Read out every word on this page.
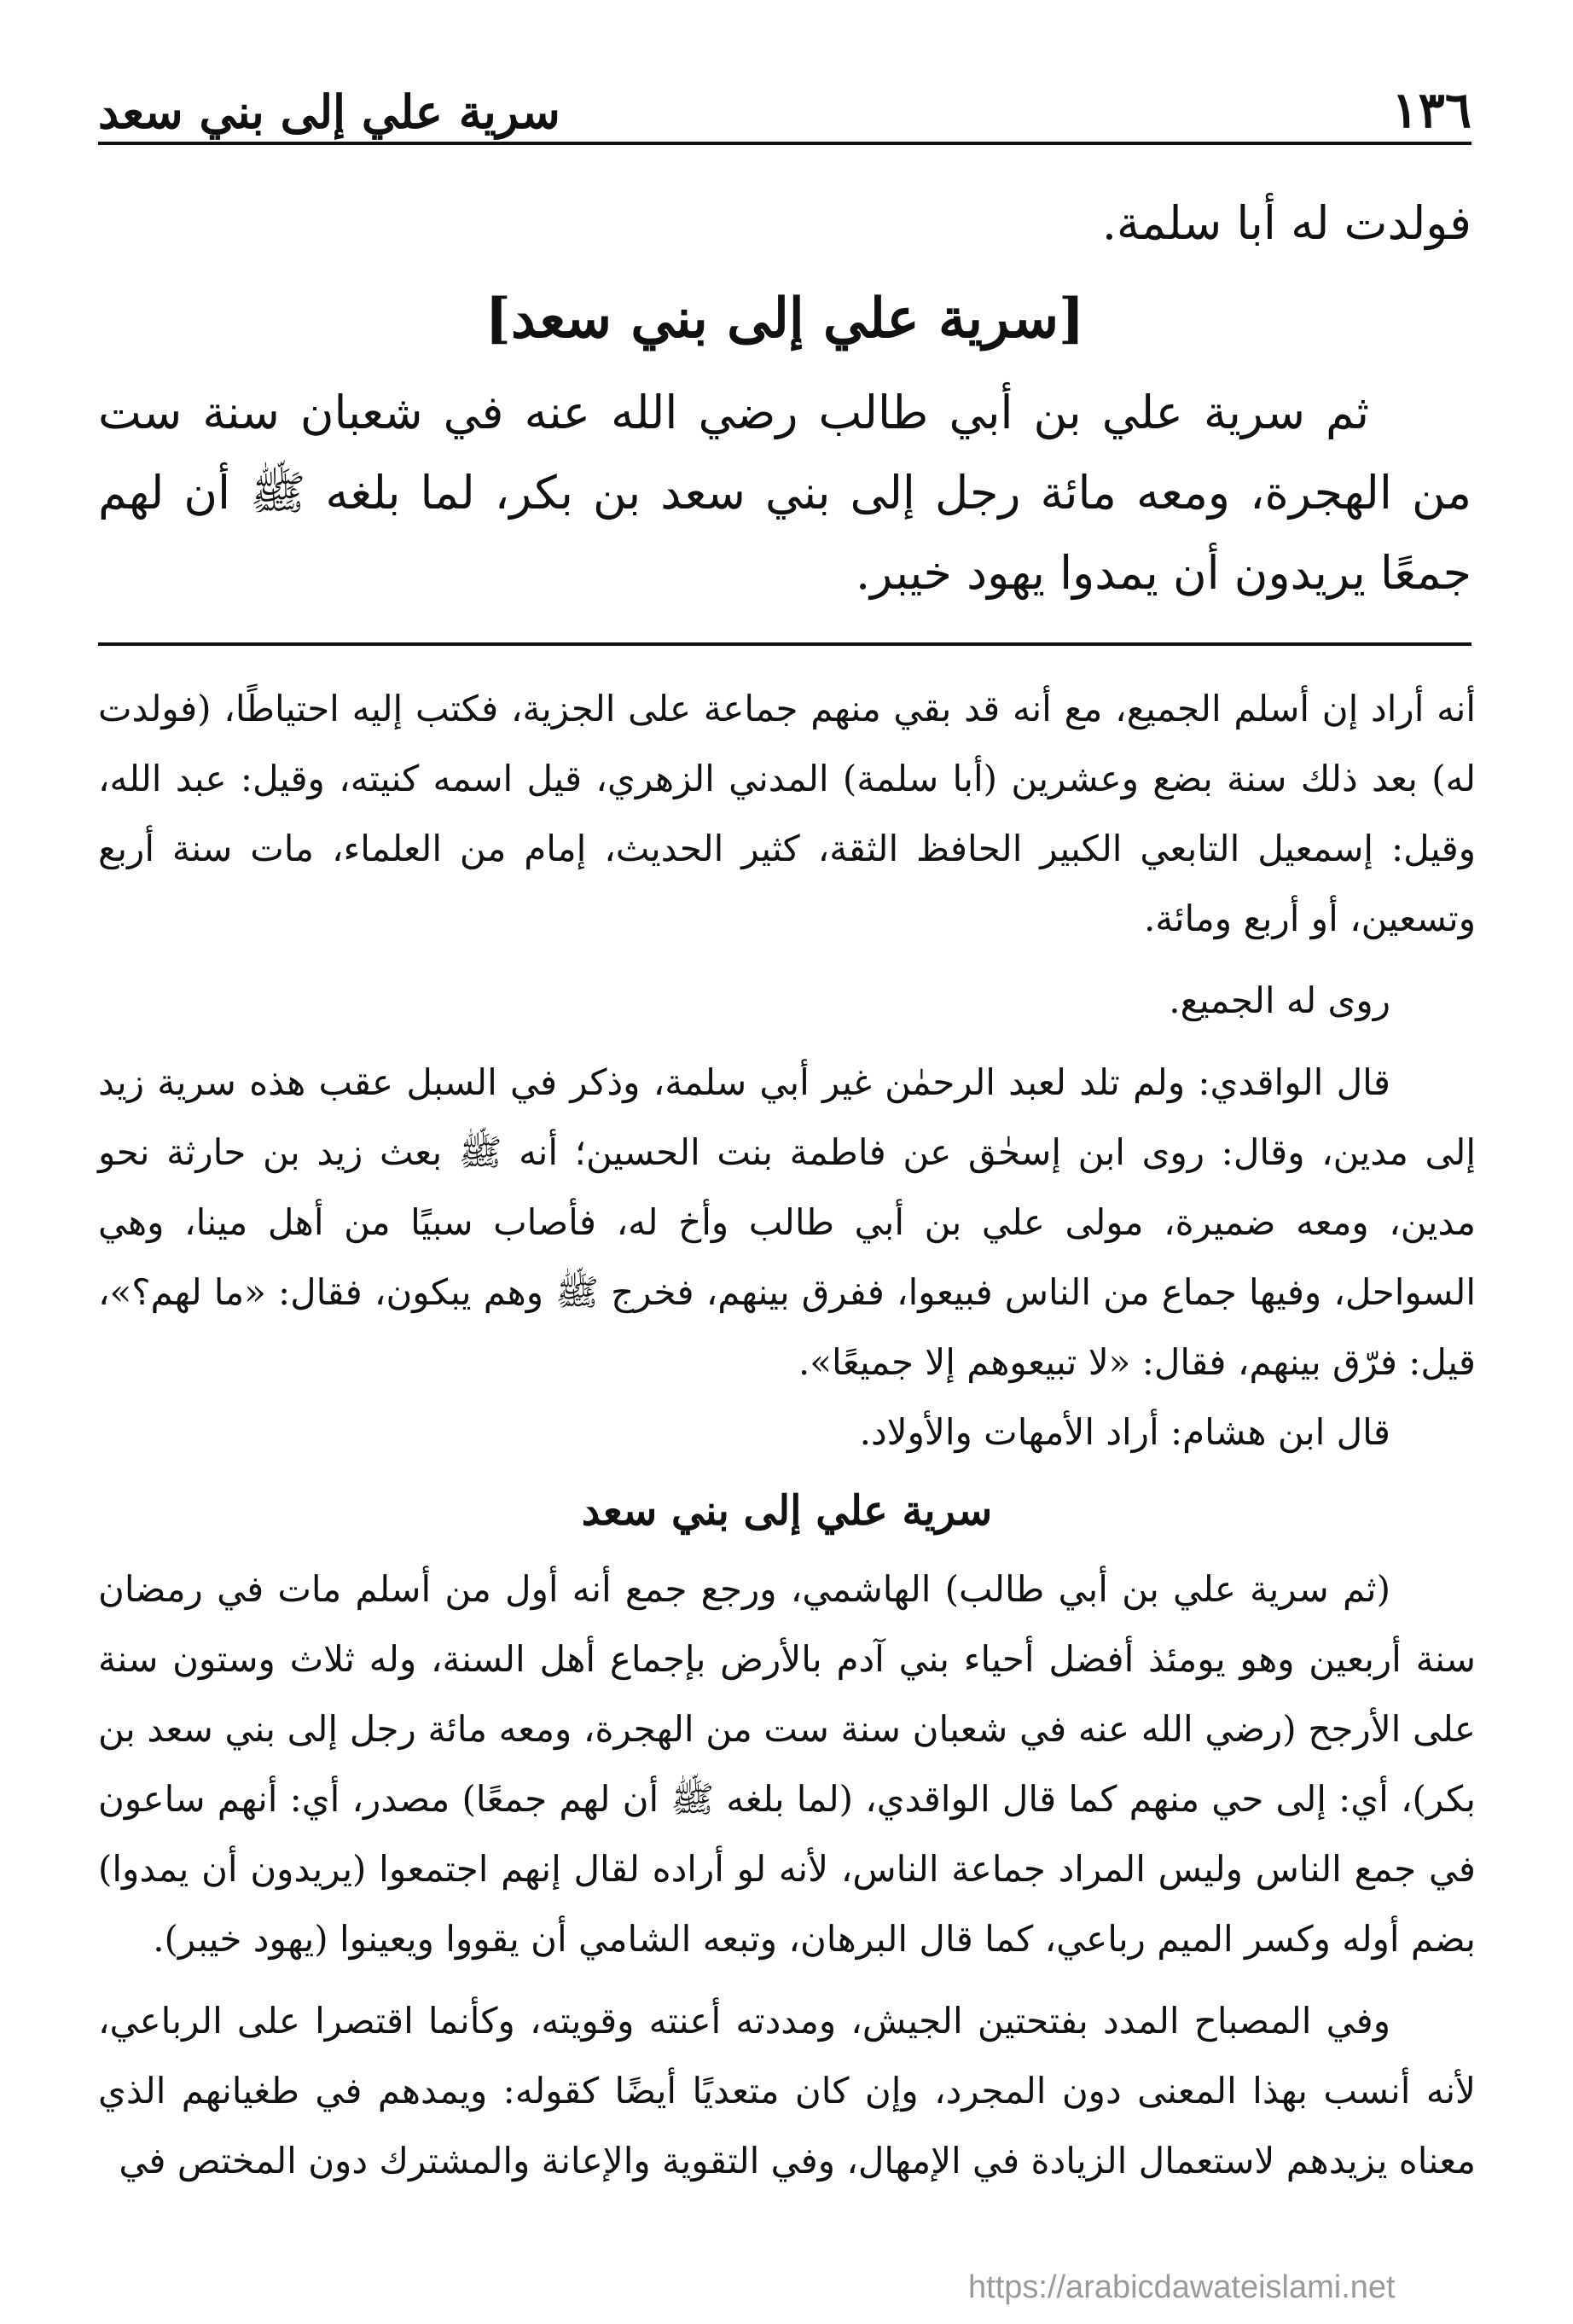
١٣٦
سرية علي إلى بني سعد

فولدت له أبا سلمة.

[سرية علي إلى بني سعد]

ثم سرية علي بن أبي طالب رضي الله عنه في شعبان سنة ست من الهجرة، ومعه مائة رجل إلى بني سعد بن بكر، لما بلغه ﷺ أن لهم جمعًا يريدون أن يمدوا يهود خيبر.

أنه أراد إن أسلم الجميع، مع أنه قد بقي منهم جماعة على الجزية، فكتب إليه احتياطًا، (فولدت له) بعد ذلك سنة بضع وعشرين (أبا سلمة) المدني الزهري، قيل اسمه كنيته، وقيل: عبد الله، وقيل: إسمعيل التابعي الكبير الحافظ الثقة، كثير الحديث، إمام من العلماء، مات سنة أربع وتسعين، أو أربع ومائة.

روى له الجميع.

قال الواقدي: ولم تلد لعبد الرحمٰن غير أبي سلمة، وذكر في السبل عقب هذه سرية زيد إلى مدين، وقال: روى ابن إسحٰق عن فاطمة بنت الحسين؛ أنه ﷺ بعث زيد بن حارثة نحو مدين، ومعه ضميرة، مولى علي بن أبي طالب وأخ له، فأصاب سبيًا من أهل مينا، وهي السواحل، وفيها جماع من الناس فبيعوا، ففرق بينهم، فخرج ﷺ وهم يبكون، فقال: «ما لهم؟»، قيل: فرّق بينهم، فقال: «لا تبيعوهم إلا جميعًا».

قال ابن هشام: أراد الأمهات والأولاد.

سرية علي إلى بني سعد

(ثم سرية علي بن أبي طالب) الهاشمي، ورجع جمع أنه أول من أسلم مات في رمضان سنة أربعين وهو يومئذ أفضل أحياء بني آدم بالأرض بإجماع أهل السنة، وله ثلاث وستون سنة على الأرجح (رضي الله عنه في شعبان سنة ست من الهجرة، ومعه مائة رجل إلى بني سعد بن بكر)، أي: إلى حي منهم كما قال الواقدي، (لما بلغه ﷺ أن لهم جمعًا) مصدر، أي: أنهم ساعون في جمع الناس وليس المراد جماعة الناس، لأنه لو أراده لقال إنهم اجتمعوا (يريدون أن يمدوا) بضم أوله وكسر الميم رباعي، كما قال البرهان، وتبعه الشامي أن يقووا ويعينوا (يهود خيبر).

وفي المصباح المدد بفتحتين الجيش، ومددته أعنته وقويته، وكأنما اقتصرا على الرباعي، لأنه أنسب بهذا المعنى دون المجرد، وإن كان متعديًا أيضًا كقوله: ويمدهم في طغيانهم الذي معناه يزيدهم لاستعمال الزيادة في الإمهال، وفي التقوية والإعانة والمشترك دون المختص في

https://arabicdawateislami.net
